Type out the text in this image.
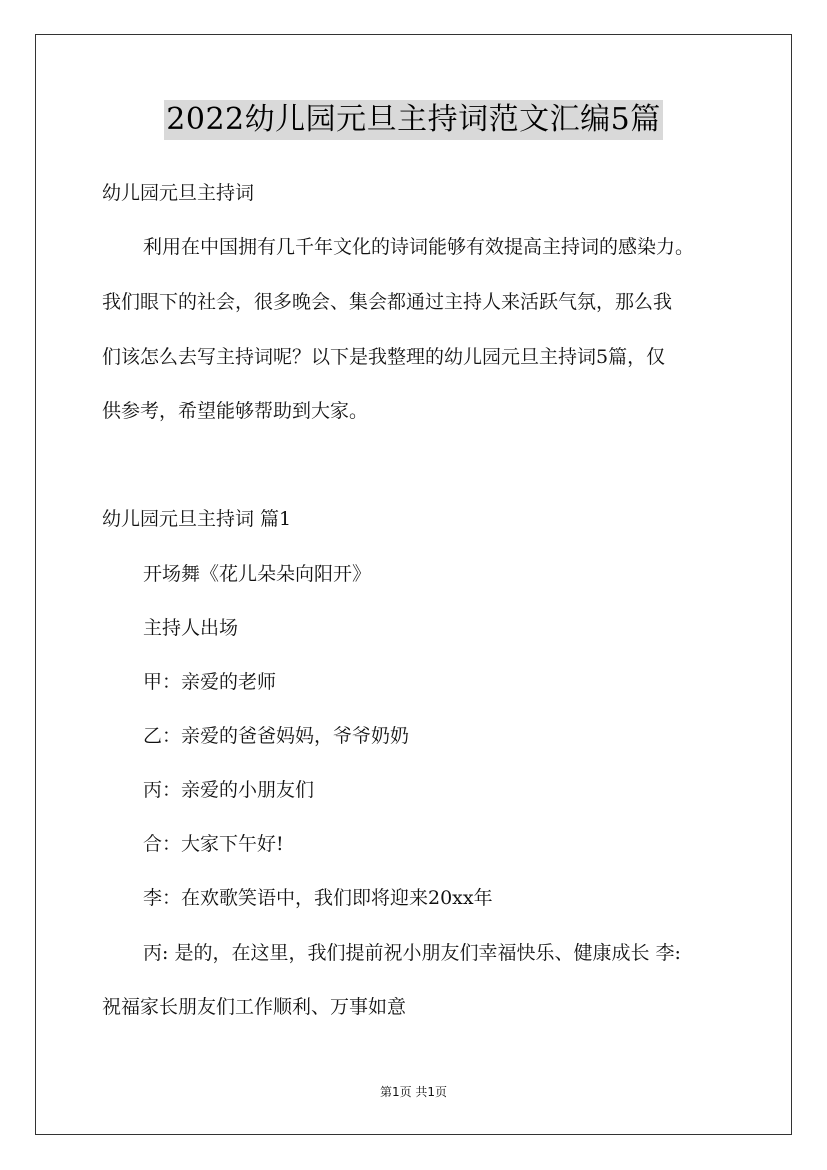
2022幼儿园元旦主持词范文汇编5篇
幼儿园元旦主持词
利用在中国拥有几千年文化的诗词能够有效提高主持词的感染力。
我们眼下的社会，很多晚会、集会都通过主持人来活跃气氛，那么我
们该怎么去写主持词呢？以下是我整理的幼儿园元旦主持词5篇，仅
供参考，希望能够帮助到大家。
幼儿园元旦主持词 篇1
开场舞《花儿朵朵向阳开》
主持人出场
甲：亲爱的老师
乙：亲爱的爸爸妈妈，爷爷奶奶
丙：亲爱的小朋友们
合：大家下午好!
李：在欢歌笑语中，我们即将迎来20xx年
丙: 是的，在这里，我们提前祝小朋友们幸福快乐、健康成长 李:
祝福家长朋友们工作顺利、万事如意
第1页 共1页
